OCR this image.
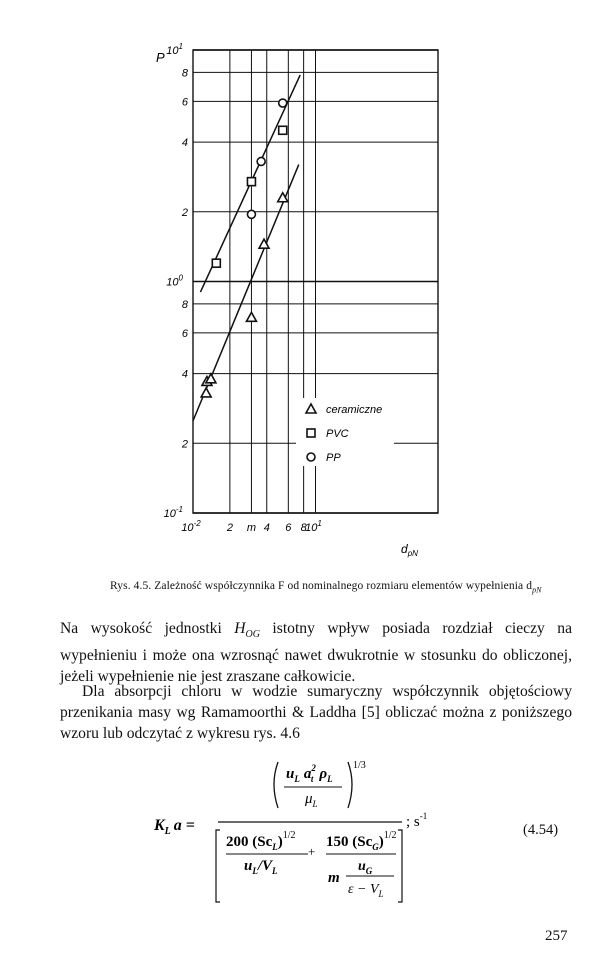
$10^1$
8
6
4
2
$10^0$
8
6
4
2
$10^{-1}$
$10^{-2}$ 2 m 4 6 8
$10^1$
P
$d_{pN}$
ceramiczne
PVC
PP
Rys. 4.5. Zależność współczynnika F od nominalnego rozmiaru elementów wypełnienia $d_{pN}$

Na wysokość jednostki $H_{OG}$ istotny wpływ posiada rozdział cieczy na wypełnieniu i może ona wzrosnąć nawet dwukrotnie w stosunku do obliczonej, jeżeli wypełnienie nie jest zraszane całkowicie.

Dla absorpcji chloru w wodzie sumaryczny współczynnik objętościowy przenikania masy wg Ramamoorthi & Laddha [5] obliczać można z poniższego wzoru lub odczytać z wykresu rys. 4.6

$K_L$ a =
$u_L$ $a^2$ t $\rho_L$
$\mu_L$
1/3
200 $(Sc_L)^{1/2}$
$u_L/V_L$
+
150 $(Sc_G)^{1/2}$
m
$u_G$
$\varepsilon - V_L$
; $s^{-1}$
(4.54)
257
